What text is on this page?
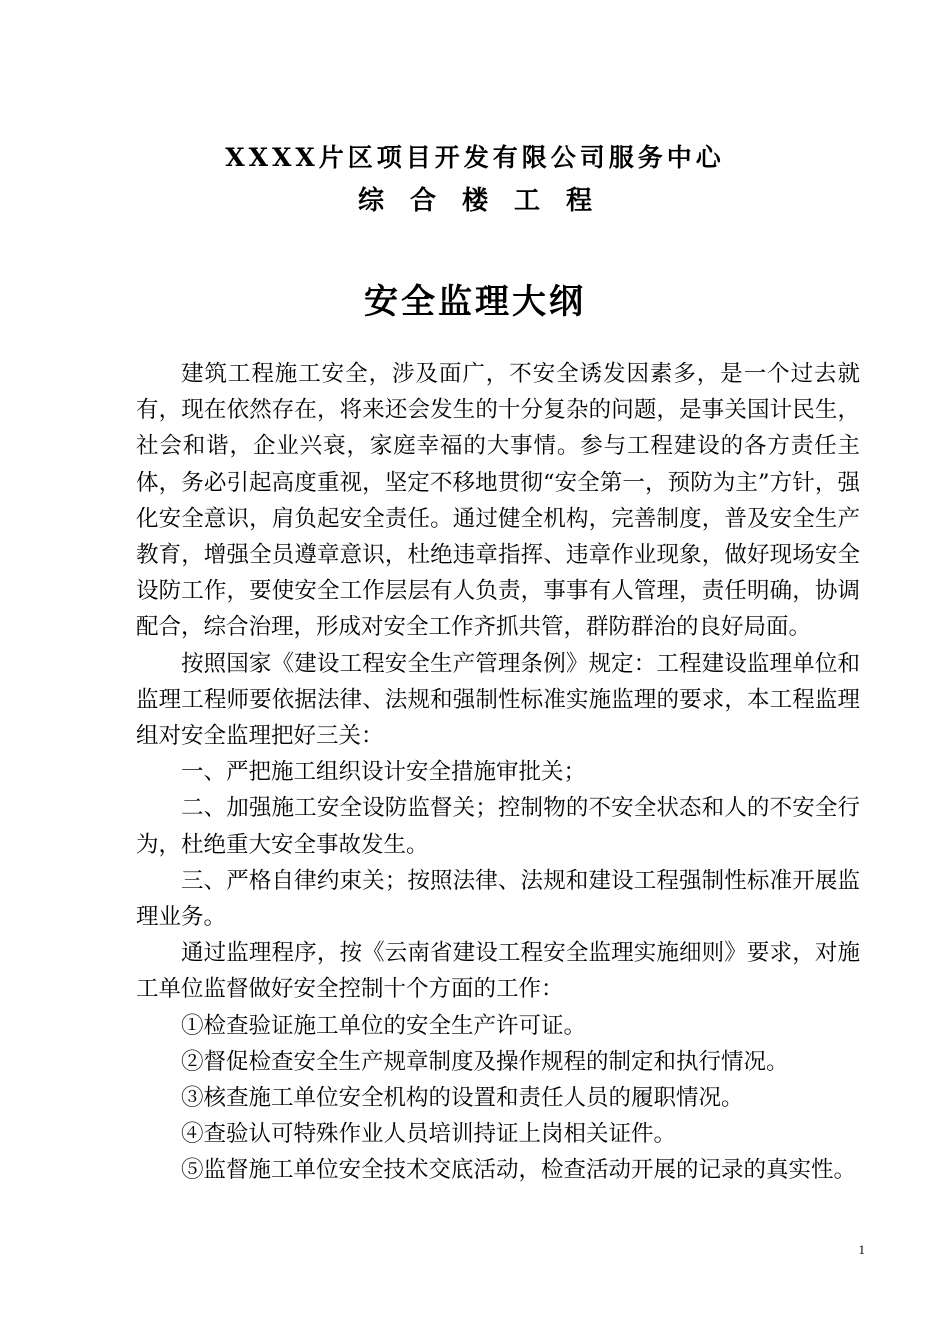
XXXX片区项目开发有限公司服务中心
综合楼工程
安全监理大纲

建筑工程施工安全，涉及面广，不安全诱发因素多，是一个过去就有，现在依然存在，将来还会发生的十分复杂的问题，是事关国计民生，社会和谐，企业兴衰，家庭幸福的大事情。参与工程建设的各方责任主体，务必引起高度重视，坚定不移地贯彻“安全第一，预防为主”方针，强化安全意识，肩负起安全责任。通过健全机构，完善制度，普及安全生产教育，增强全员遵章意识，杜绝违章指挥、违章作业现象，做好现场安全设防工作，要使安全工作层层有人负责，事事有人管理，责任明确，协调配合，综合治理，形成对安全工作齐抓共管，群防群治的良好局面。

按照国家《建设工程安全生产管理条例》规定：工程建设监理单位和监理工程师要依据法律、法规和强制性标准实施监理的要求，本工程监理组对安全监理把好三关：

一、严把施工组织设计安全措施审批关；

二、加强施工安全设防监督关；控制物的不安全状态和人的不安全行为，杜绝重大安全事故发生。

三、严格自律约束关；按照法律、法规和建设工程强制性标准开展监理业务。

通过监理程序，按《云南省建设工程安全监理实施细则》要求，对施工单位监督做好安全控制十个方面的工作：

①检查验证施工单位的安全生产许可证。

②督促检查安全生产规章制度及操作规程的制定和执行情况。

③核查施工单位安全机构的设置和责任人员的履职情况。

④查验认可特殊作业人员培训持证上岗相关证件。

⑤监督施工单位安全技术交底活动，检查活动开展的记录的真实性。

1
